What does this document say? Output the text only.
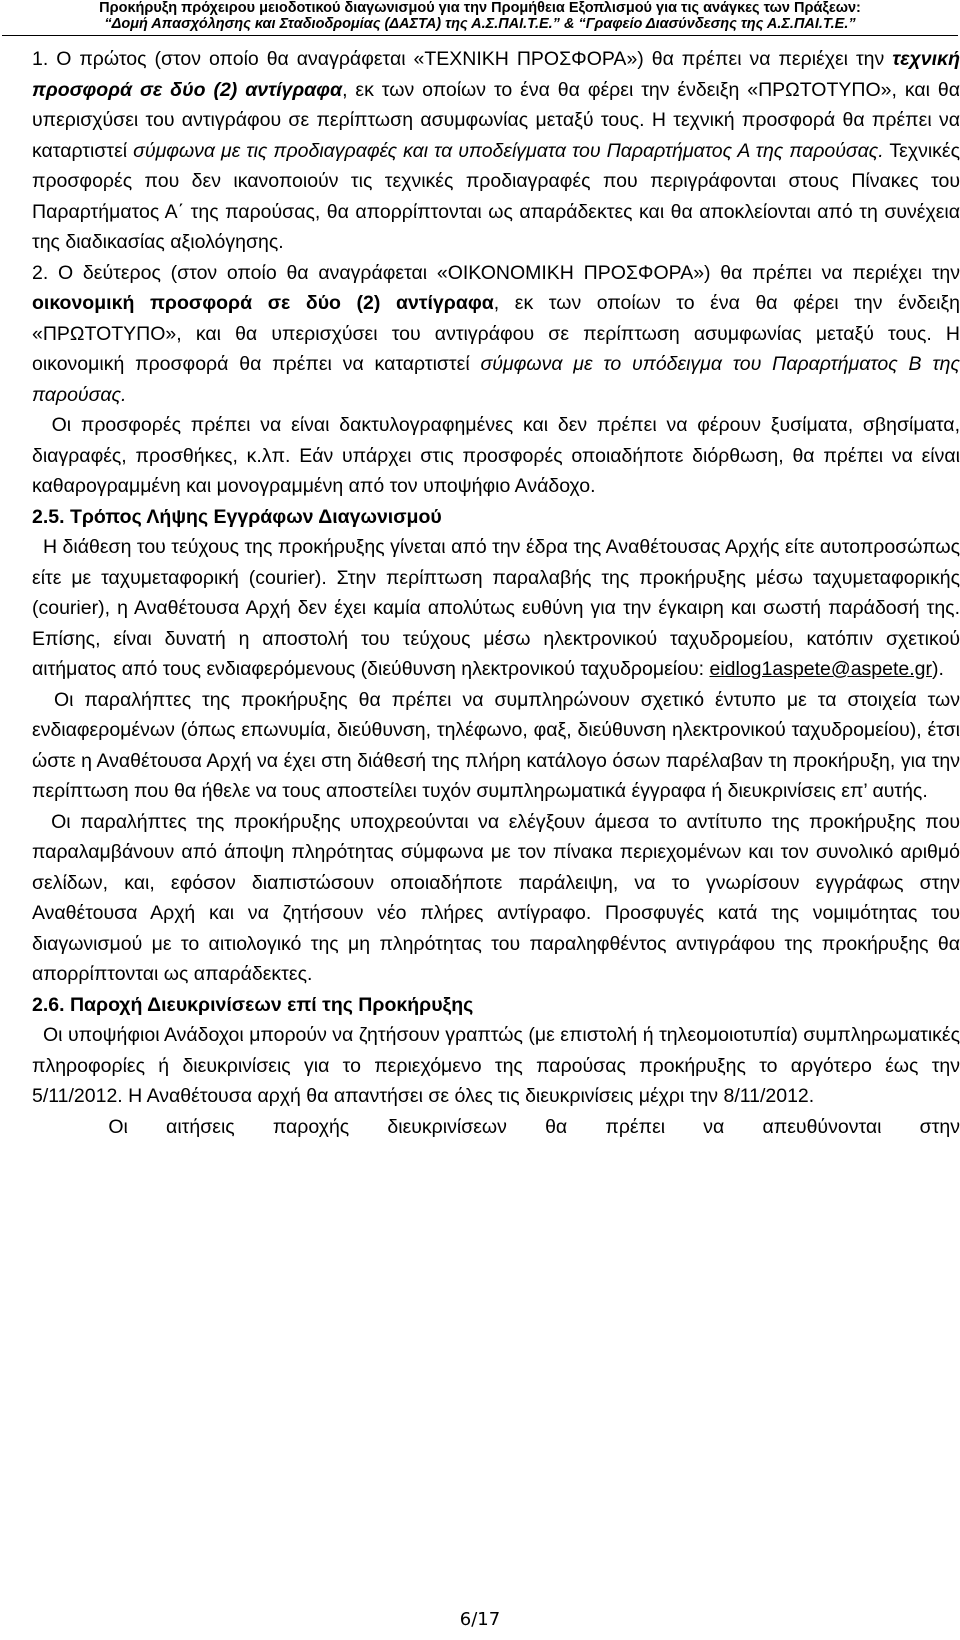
Προκήρυξη πρόχειρου μειοδοτικού διαγωνισμού για την Προμήθεια Εξοπλισμού για τις ανάγκες των Πράξεων:
“Δομή Απασχόλησης και Σταδιοδρομίας (ΔΑΣΤΑ) της Α.Σ.ΠΑΙ.Τ.Ε.” & “Γραφείο Διασύνδεσης της Α.Σ.ΠΑΙ.Τ.Ε.”

1. Ο πρώτος (στον οποίο θα αναγράφεται «ΤΕΧΝΙΚΗ ΠΡΟΣΦΟΡΑ») θα πρέπει να περιέχει την τεχνική προσφορά σε δύο (2) αντίγραφα, εκ των οποίων το ένα θα φέρει την ένδειξη «ΠΡΩΤΟΤΥΠΟ», και θα υπερισχύσει του αντιγράφου σε περίπτωση ασυμφωνίας μεταξύ τους. Η τεχνική προσφορά θα πρέπει να καταρτιστεί σύμφωνα με τις προδιαγραφές και τα υποδείγματα του Παραρτήματος Α της παρούσας. Τεχνικές προσφορές που δεν ικανοποιούν τις τεχνικές προδιαγραφές που περιγράφονται στους Πίνακες του Παραρτήματος Α΄ της παρούσας, θα απορρίπτονται ως απαράδεκτες και θα αποκλείονται από τη συνέχεια της διαδικασίας αξιολόγησης.

2. Ο δεύτερος (στον οποίο θα αναγράφεται «ΟΙΚΟΝΟΜΙΚΗ ΠΡΟΣΦΟΡΑ») θα πρέπει να περιέχει την οικονομική προσφορά σε δύο (2) αντίγραφα, εκ των οποίων το ένα θα φέρει την ένδειξη «ΠΡΩΤΟΤΥΠΟ», και θα υπερισχύσει του αντιγράφου σε περίπτωση ασυμφωνίας μεταξύ τους. Η οικονομική προσφορά θα πρέπει να καταρτιστεί σύμφωνα με το υπόδειγμα του Παραρτήματος Β της παρούσας.

Οι προσφορές πρέπει να είναι δακτυλογραφημένες και δεν πρέπει να φέρουν ξυσίματα, σβησίματα, διαγραφές, προσθήκες, κ.λπ. Εάν υπάρχει στις προσφορές οποιαδήποτε διόρθωση, θα πρέπει να είναι καθαρογραμμένη και μονογραμμένη από τον υποψήφιο Ανάδοχο.

2.5. Τρόπος Λήψης Εγγράφων Διαγωνισμού

Η διάθεση του τεύχους της προκήρυξης γίνεται από την έδρα της Αναθέτουσας Αρχής είτε αυτοπροσώπως είτε με ταχυμεταφορική (courier). Στην περίπτωση παραλαβής της προκήρυξης μέσω ταχυμεταφορικής (courier), η Αναθέτουσα Αρχή δεν έχει καμία απολύτως ευθύνη για την έγκαιρη και σωστή παράδοσή της. Επίσης, είναι δυνατή η αποστολή του τεύχους μέσω ηλεκτρονικού ταχυδρομείου, κατόπιν σχετικού αιτήματος από τους ενδιαφερόμενους (διεύθυνση ηλεκτρονικού ταχυδρομείου: eidlog1aspete@aspete.gr).

Οι παραλήπτες της προκήρυξης θα πρέπει να συμπληρώνουν σχετικό έντυπο με τα στοιχεία των ενδιαφερομένων (όπως επωνυμία, διεύθυνση, τηλέφωνο, φαξ, διεύθυνση ηλεκτρονικού ταχυδρομείου), έτσι ώστε η Αναθέτουσα Αρχή να έχει στη διάθεσή της πλήρη κατάλογο όσων παρέλαβαν τη προκήρυξη, για την περίπτωση που θα ήθελε να τους αποστείλει τυχόν συμπληρωματικά έγγραφα ή διευκρινίσεις επ’ αυτής.

Οι παραλήπτες της προκήρυξης υποχρεούνται να ελέγξουν άμεσα το αντίτυπο της προκήρυξης που παραλαμβάνουν από άποψη πληρότητας σύμφωνα με τον πίνακα περιεχομένων και τον συνολικό αριθμό σελίδων, και, εφόσον διαπιστώσουν οποιαδήποτε παράλειψη, να το γνωρίσουν εγγράφως στην Αναθέτουσα Αρχή και να ζητήσουν νέο πλήρες αντίγραφο. Προσφυγές κατά της νομιμότητας του διαγωνισμού με το αιτιολογικό της μη πληρότητας του παραληφθέντος αντιγράφου της προκήρυξης θα απορρίπτονται ως απαράδεκτες.

2.6. Παροχή Διευκρινίσεων επί της Προκήρυξης

Οι υποψήφιοι Ανάδοχοι μπορούν να ζητήσουν γραπτώς (με επιστολή ή τηλεομοιοτυπία) συμπληρωματικές πληροφορίες ή διευκρινίσεις για το περιεχόμενο της παρούσας προκήρυξης το αργότερο έως την 5/11/2012. Η Αναθέτουσα αρχή θα απαντήσει σε όλες τις διευκρινίσεις μέχρι την 8/11/2012.

Οι αιτήσεις παροχής διευκρινίσεων θα πρέπει να απευθύνονται στην

6/17
